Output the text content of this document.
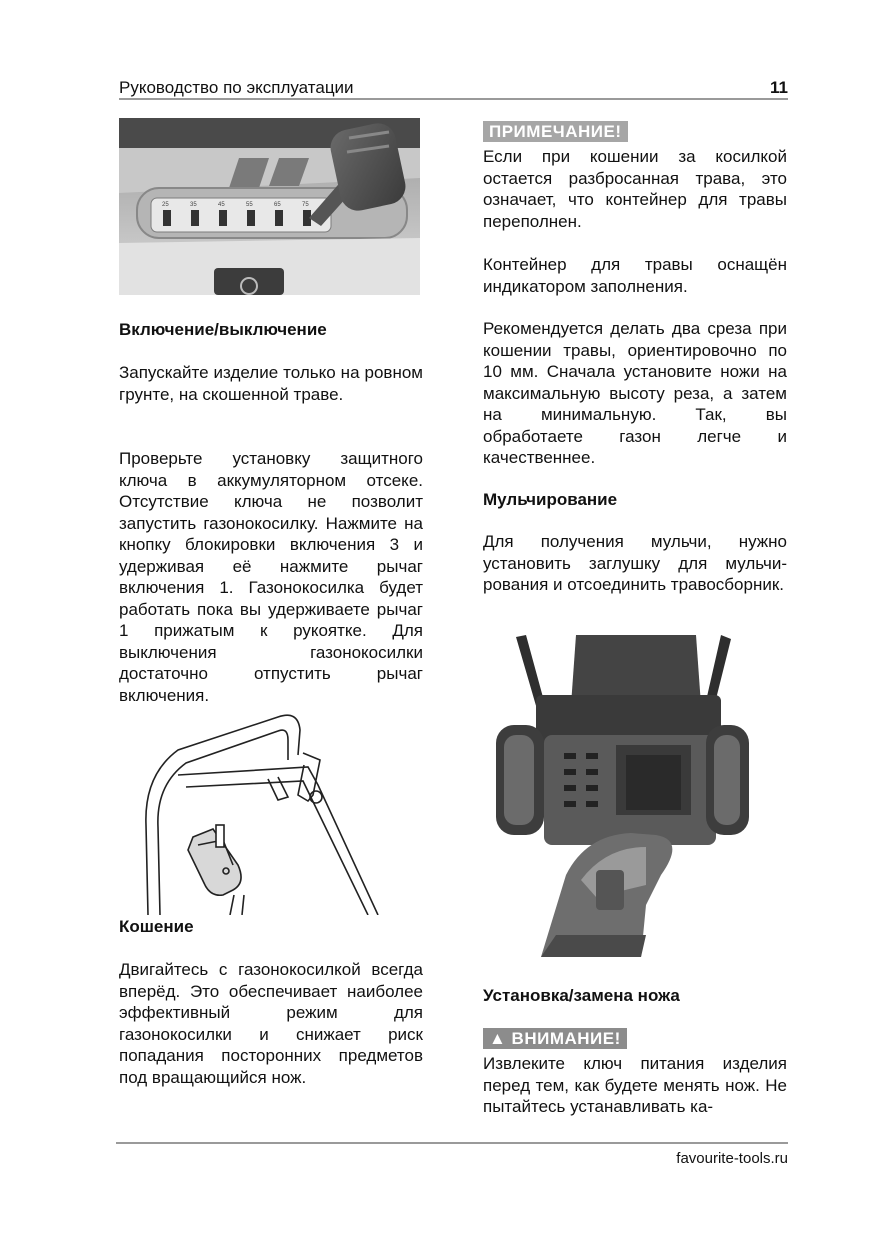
Руководство по эксплуатации	11
25	35	45	55	65	75

Включение/выключение

Запускайте изделие только на ровном грунте, на скошенной траве.

Проверьте установку защитного ключа в аккумуляторном отсеке. Отсутствие ключа не позволит запустить газонокосилку. Нажмите на кнопку блокировки включения 3 и удерживая её нажмите рычаг включения 1. Газонокосилка будет работать пока вы удерживаете рычаг 1 прижатым к рукоятке. Для выключения газонокосилки достаточно отпустить рычаг включения.

Кошение

Двигайтесь с газонокосилкой всегда вперёд. Это обеспечивает наиболее эффективный режим для газонокосилки и снижает риск попадания посторонних предметов под вращающийся нож.

ПРИМЕЧАНИЕ!

Если при кошении за косилкой остается разбросанная трава, это означает, что контейнер для травы переполнен.

Контейнер для травы оснащён индикатором заполнения.

Рекомендуется делать два среза при кошении травы, ориентировочно по 10 мм. Сначала установите ножи на максимальную высоту реза, а затем на минимальную. Так, вы обработаете газон легче и качественнее.

Мульчирование

Для получения мульчи, нужно установить заглушку для мульчирования и отсоединить травосборник.

Установка/замена ножа

▲ ВНИМАНИЕ!

Извлеките ключ питания изделия перед тем, как будете менять нож. Не пытайтесь устанавливать ка-

favourite-tools.ru
